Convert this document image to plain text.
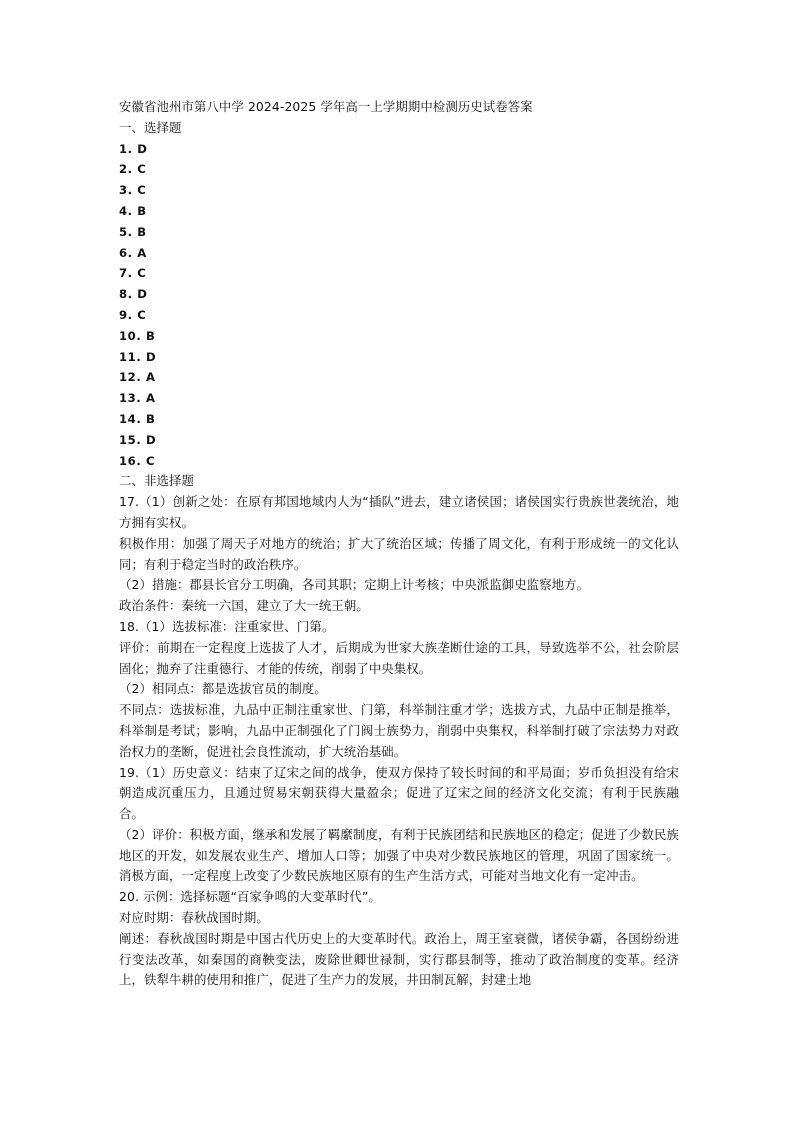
安徽省池州市第八中学 2024-2025 学年高一上学期期中检测历史试卷答案
一、选择题
1. D
2. C
3. C
4. B
5. B
6. A
7. C
8. D
9. C
10. B
11. D
12. A
13. A
14. B
15. D
16. C
二、非选择题
17.（1）创新之处：在原有邦国地域内人为“插队”进去，建立诸侯国；诸侯国实行贵族世袭统治，地方拥有实权。
积极作用：加强了周天子对地方的统治；扩大了统治区域；传播了周文化，有利于形成统一的文化认同；有利于稳定当时的政治秩序。
（2）措施：郡县长官分工明确，各司其职；定期上计考核；中央派监御史监察地方。
政治条件：秦统一六国，建立了大一统王朝。
18.（1）选拔标准：注重家世、门第。
评价：前期在一定程度上选拔了人才，后期成为世家大族垄断仕途的工具，导致选举不公，社会阶层固化；抛弃了注重德行、才能的传统，削弱了中央集权。
（2）相同点：都是选拔官员的制度。
不同点：选拔标准，九品中正制注重家世、门第，科举制注重才学；选拔方式，九品中正制是推举，科举制是考试；影响，九品中正制强化了门阀士族势力，削弱中央集权，科举制打破了宗法势力对政治权力的垄断，促进社会良性流动，扩大统治基础。
19.（1）历史意义：结束了辽宋之间的战争，使双方保持了较长时间的和平局面；岁币负担没有给宋朝造成沉重压力，且通过贸易宋朝获得大量盈余；促进了辽宋之间的经济文化交流；有利于民族融合。
（2）评价：积极方面，继承和发展了羁縻制度，有利于民族团结和民族地区的稳定；促进了少数民族地区的开发，如发展农业生产、增加人口等；加强了中央对少数民族地区的管理，巩固了国家统一。消极方面，一定程度上改变了少数民族地区原有的生产生活方式，可能对当地文化有一定冲击。
20. 示例：选择标题“百家争鸣的大变革时代”。
对应时期：春秋战国时期。
阐述：春秋战国时期是中国古代历史上的大变革时代。政治上，周王室衰微，诸侯争霸，各国纷纷进行变法改革，如秦国的商鞅变法，废除世卿世禄制，实行郡县制等，推动了政治制度的变革。经济上，铁犁牛耕的使用和推广，促进了生产力的发展，井田制瓦解，封建土地
